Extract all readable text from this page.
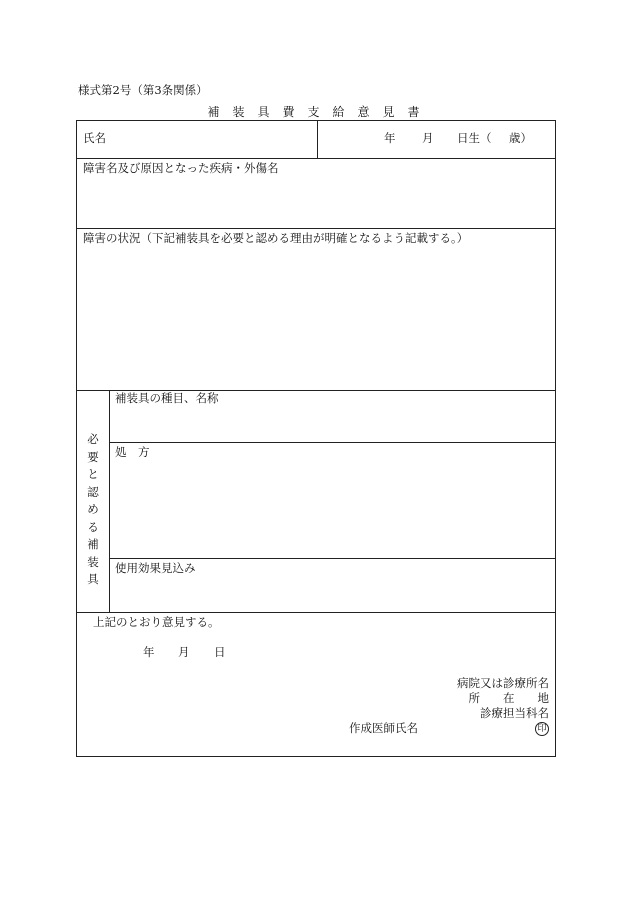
様式第2号（第3条関係）
補装具費支給意見書
氏名	年 月 日生（ 歳）
障害名及び原因となった疾病・外傷名
障害の状況（下記補装具を必要と認める理由が明確となるよう記載する。）
必
要
と
認
め
る
補
装
具
補装具の種目、名称
処　方
使用効果見込み
上記のとおり意見する。
年 月 日
病院又は診療所名
所　　在　　地
診療担当科名
作成医師氏名	印
